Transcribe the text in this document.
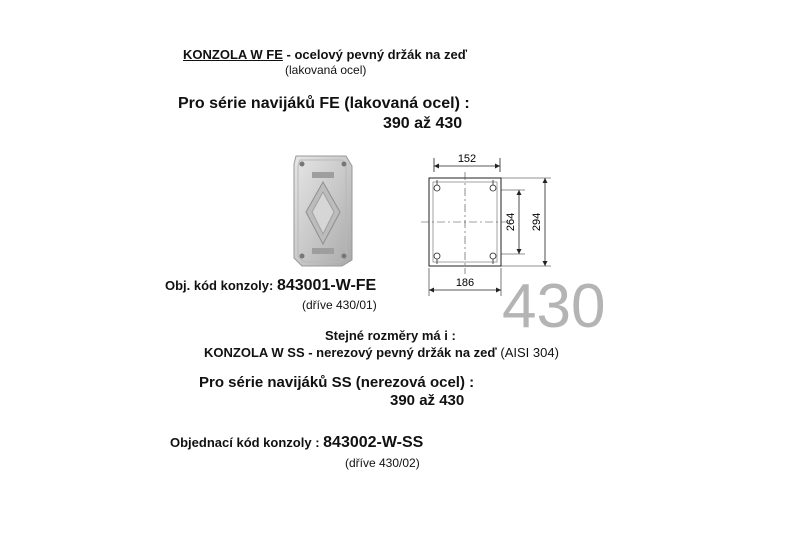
KONZOLA W FE - ocelový pevný držák na zeď
(lakovaná ocel)
Pro série navijáků FE (lakovaná ocel) :
390 až 430
152
264 294
186
Obj. kód konzoly: 843001-W-FE
(dříve 430/01) 430
Stejné rozměry má i :
KONZOLA W SS - nerezový pevný držák na zeď (AISI 304)
Pro série navijáků SS (nerezová ocel) :
390 až 430
Objednací kód konzoly : 843002-W-SS
(dříve 430/02)
